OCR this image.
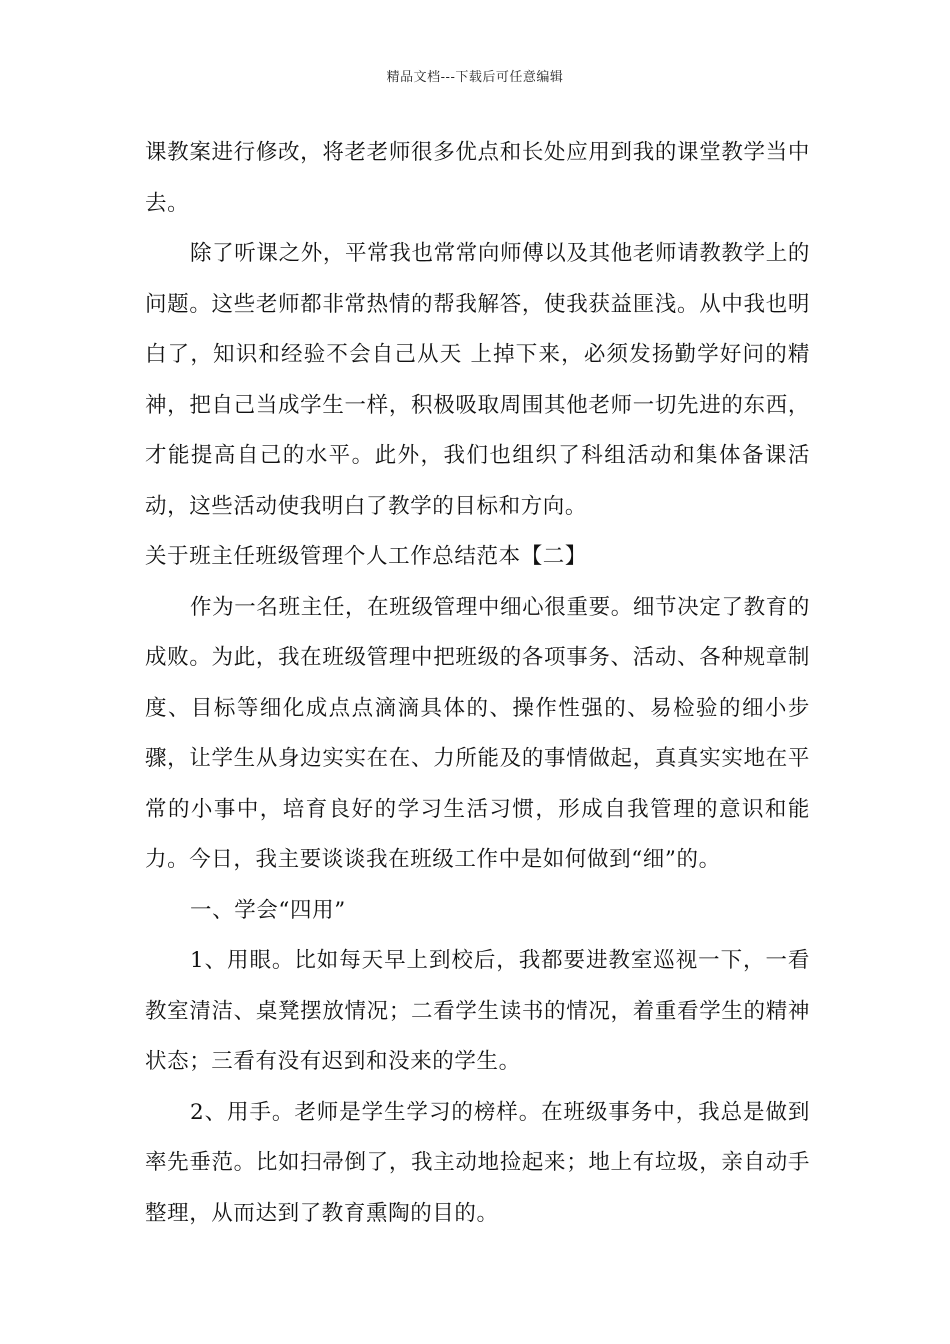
精品文档---下载后可任意编辑

课教案进行修改，将老老师很多优点和长处应用到我的课堂教学当中去。

除了听课之外，平常我也常常向师傅以及其他老师请教教学上的问题。这些老师都非常热情的帮我解答，使我获益匪浅。从中我也明白了，知识和经验不会自己从天 上掉下来，必须发扬勤学好问的精神，把自己当成学生一样，积极吸取周围其他老师一切先进的东西，才能提高自己的水平。此外，我们也组织了科组活动和集体备课活动，这些活动使我明白了教学的目标和方向。

关于班主任班级管理个人工作总结范本【二】

作为一名班主任，在班级管理中细心很重要。细节决定了教育的成败。为此，我在班级管理中把班级的各项事务、活动、各种规章制度、目标等细化成点点滴滴具体的、操作性强的、易检验的细小步骤，让学生从身边实实在在、力所能及的事情做起，真真实实地在平常的小事中，培育良好的学习生活习惯，形成自我管理的意识和能力。今日，我主要谈谈我在班级工作中是如何做到“细”的。

一、学会“四用”

1、用眼。比如每天早上到校后，我都要进教室巡视一下，一看教室清洁、桌凳摆放情况；二看学生读书的情况，着重看学生的精神状态；三看有没有迟到和没来的学生。

2、用手。老师是学生学习的榜样。在班级事务中，我总是做到率先垂范。比如扫帚倒了，我主动地捡起来；地上有垃圾，亲自动手整理，从而达到了教育熏陶的目的。
